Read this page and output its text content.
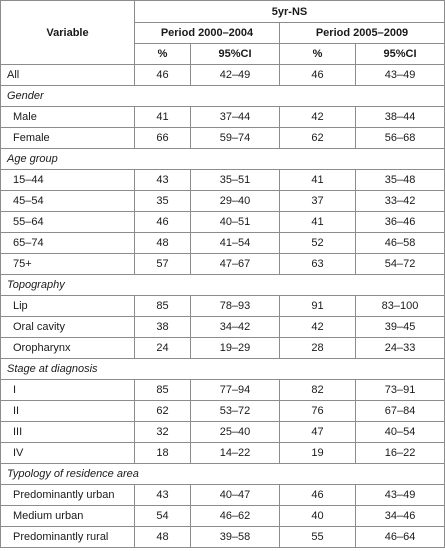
Variable	5yr-NS			
	Period 2000–2004		Period 2005–2009	
	%	95%CI	%	95%CI
All	46	42–49	46	43–49
Gender				
Male	41	37–44	42	38–44
Female	66	59–74	62	56–68
Age group				
15–44	43	35–51	41	35–48
45–54	35	29–40	37	33–42
55–64	46	40–51	41	36–46
65–74	48	41–54	52	46–58
75+	57	47–67	63	54–72
Topography				
Lip	85	78–93	91	83–100
Oral cavity	38	34–42	42	39–45
Oropharynx	24	19–29	28	24–33
Stage at diagnosis				
I	85	77–94	82	73–91
II	62	53–72	76	67–84
III	32	25–40	47	40–54
IV	18	14–22	19	16–22
Typology of residence area				
Predominantly urban	43	40–47	46	43–49
Medium urban	54	46–62	40	34–46
Predominantly rural	48	39–58	55	46–64
